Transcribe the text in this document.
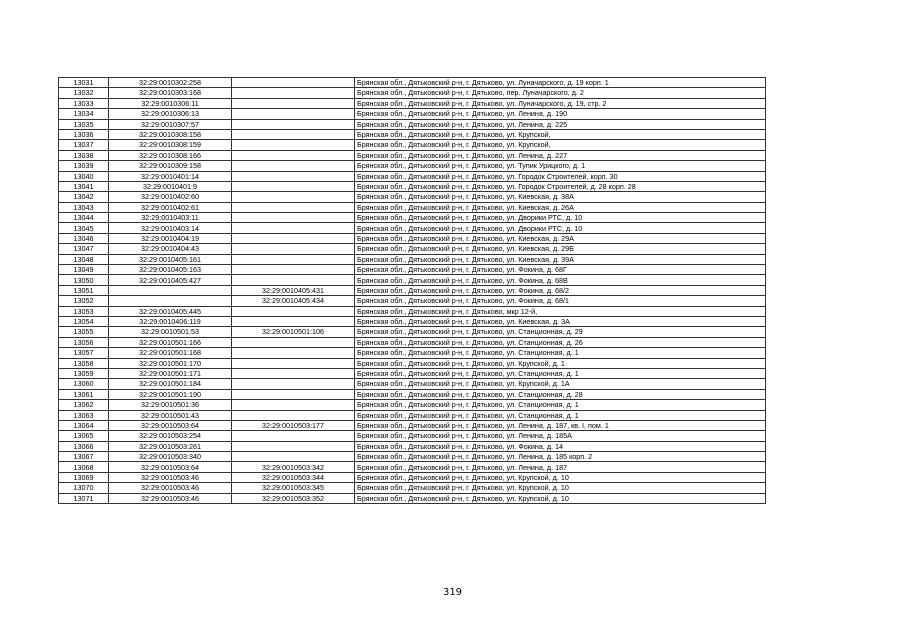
13031	32:29:0010302:258		Брянская обл., Дятьковский р-н, г. Дятьково, ул. Луначарского, д. 19 корп. 1
13032	32:29:0010303:168		Брянская обл., Дятьковский р-н, г. Дятьково, пер. Луначарского, д. 2
13033	32:29:0010306:11		Брянская обл., Дятьковский р-н, г. Дятьково, ул. Луначарского, д. 19, стр. 2
13034	32:29:0010306:13		Брянская обл., Дятьковский р-н, г. Дятьково, ул. Ленина, д. 190
13035	32:29:0010307:57		Брянская обл., Дятьковский р-н, г. Дятьково, ул. Ленина, д. 225
13036	32:29:0010308:158		Брянская обл., Дятьковский р-н, г. Дятьково, ул. Крупской,
13037	32:29:0010308:159		Брянская обл., Дятьковский р-н, г. Дятьково, ул. Крупской,
13038	32:29:0010308:166		Брянская обл., Дятьковский р-н, г. Дятьково, ул. Ленина, д. 227
13039	32:29:0010309:158		Брянская обл., Дятьковский р-н, г. Дятьково, ул. Тупик Урицкого, д. 1
13040	32:29:0010401:14		Брянская обл., Дятьковский р-н, г. Дятьково, ул. Городок Строителей, корп. 30
13041	32:29:0010401:9		Брянская обл., Дятьковский р-н, г. Дятьково, ул. Городок Строителей, д. 28 корп. 28
13042	32:29:0010402:60		Брянская обл., Дятьковский р-н, г. Дятьково, ул. Киевская, д. 38А
13043	32:29:0010402:61		Брянская обл., Дятьковский р-н, г. Дятьково, ул. Киевская, д. 26А
13044	32:29:0010403:11		Брянская обл., Дятьковский р-н, г. Дятьково, ул. Дворики РТС, д. 10
13045	32:29:0010403:14		Брянская обл., Дятьковский р-н, г. Дятьково, ул. Дворики РТС, д. 10
13046	32:29:0010404:19		Брянская обл., Дятьковский р-н, г. Дятьково, ул. Киевская, д. 29А
13047	32:29:0010404:43		Брянская обл., Дятьковский р-н, г. Дятьково, ул. Киевская, д. 29Б
13048	32:29:0010405:161		Брянская обл., Дятьковский р-н, г. Дятьково, ул. Киевская, д. 39А
13049	32:29:0010405:163		Брянская обл., Дятьковский р-н, г. Дятьково, ул. Фокина, д. 68Г
13050	32:29:0010405:427		Брянская обл., Дятьковский р-н, г. Дятьково, ул. Фокина, д. 68В
13051		32:29:0010405:431	Брянская обл., Дятьковский р-н, г. Дятьково, ул. Фокина, д. 68/2
13052		32:29:0010405:434	Брянская обл., Дятьковский р-н, г. Дятьково, ул. Фокина, д. 68/1
13053	32:29:0010405:445		Брянская обл., Дятьковский р-н, г. Дятьково, мкр 12-й,
13054	32:29:0010406:119		Брянская обл., Дятьковский р-н, г. Дятьково, ул. Киевская, д. 3А
13055	32:29:0010501:53	32:29:0010501:106	Брянская обл., Дятьковский р-н, г. Дятьково, ул. Станционная, д. 29
13056	32:29:0010501:166		Брянская обл., Дятьковский р-н, г. Дятьково, ул. Станционная, д. 26
13057	32:29:0010501:168		Брянская обл., Дятьковский р-н, г. Дятьково, ул. Станционная, д. 1
13058	32:29:0010501:170		Брянская обл., Дятьковский р-н, г. Дятьково, ул. Крупской, д. 1
13059	32:29:0010501:171		Брянская обл., Дятьковский р-н, г. Дятьково, ул. Станционная, д. 1
13060	32:29:0010501:184		Брянская обл., Дятьковский р-н, г. Дятьково, ул. Крупской, д. 1А
13061	32:29:0010501:190		Брянская обл., Дятьковский р-н, г. Дятьково, ул. Станционная, д. 28
13062	32:29:0010501:36		Брянская обл., Дятьковский р-н, г. Дятьково, ул. Станционная, д. 1
13063	32:29:0010501:43		Брянская обл., Дятьковский р-н, г. Дятьково, ул. Станционная, д. 1
13064	32:29:0010503:64	32:29:0010503:177	Брянская обл., Дятьковский р-н, г. Дятьково, ул. Ленина, д. 187, кв. I, пом. 1
13065	32:29:0010503:254		Брянская обл., Дятьковский р-н, г. Дятьково, ул. Ленина, д. 185А
13066	32:29:0010503:261		Брянская обл., Дятьковский р-н, г. Дятьково, ул. Фокина, д. 14
13067	32:29:0010503:340		Брянская обл., Дятьковский р-н, г. Дятьково, ул. Ленина, д. 185 корп. 2
13068	32:29:0010503:64	32:29:0010503:342	Брянская обл., Дятьковский р-н, г. Дятьково, ул. Ленина, д. 187
13069	32:29:0010503:46	32:29:0010503:344	Брянская обл., Дятьковский р-н, г. Дятьково, ул. Крупской, д. 10
13070	32:29:0010503:46	32:29:0010503:345	Брянская обл., Дятьковский р-н, г. Дятьково, ул. Крупской, д. 10
13071	32:29:0010503:46	32:29:0010503:352	Брянская обл., Дятьковский р-н, г. Дятьково, ул. Крупской, д. 10
319
